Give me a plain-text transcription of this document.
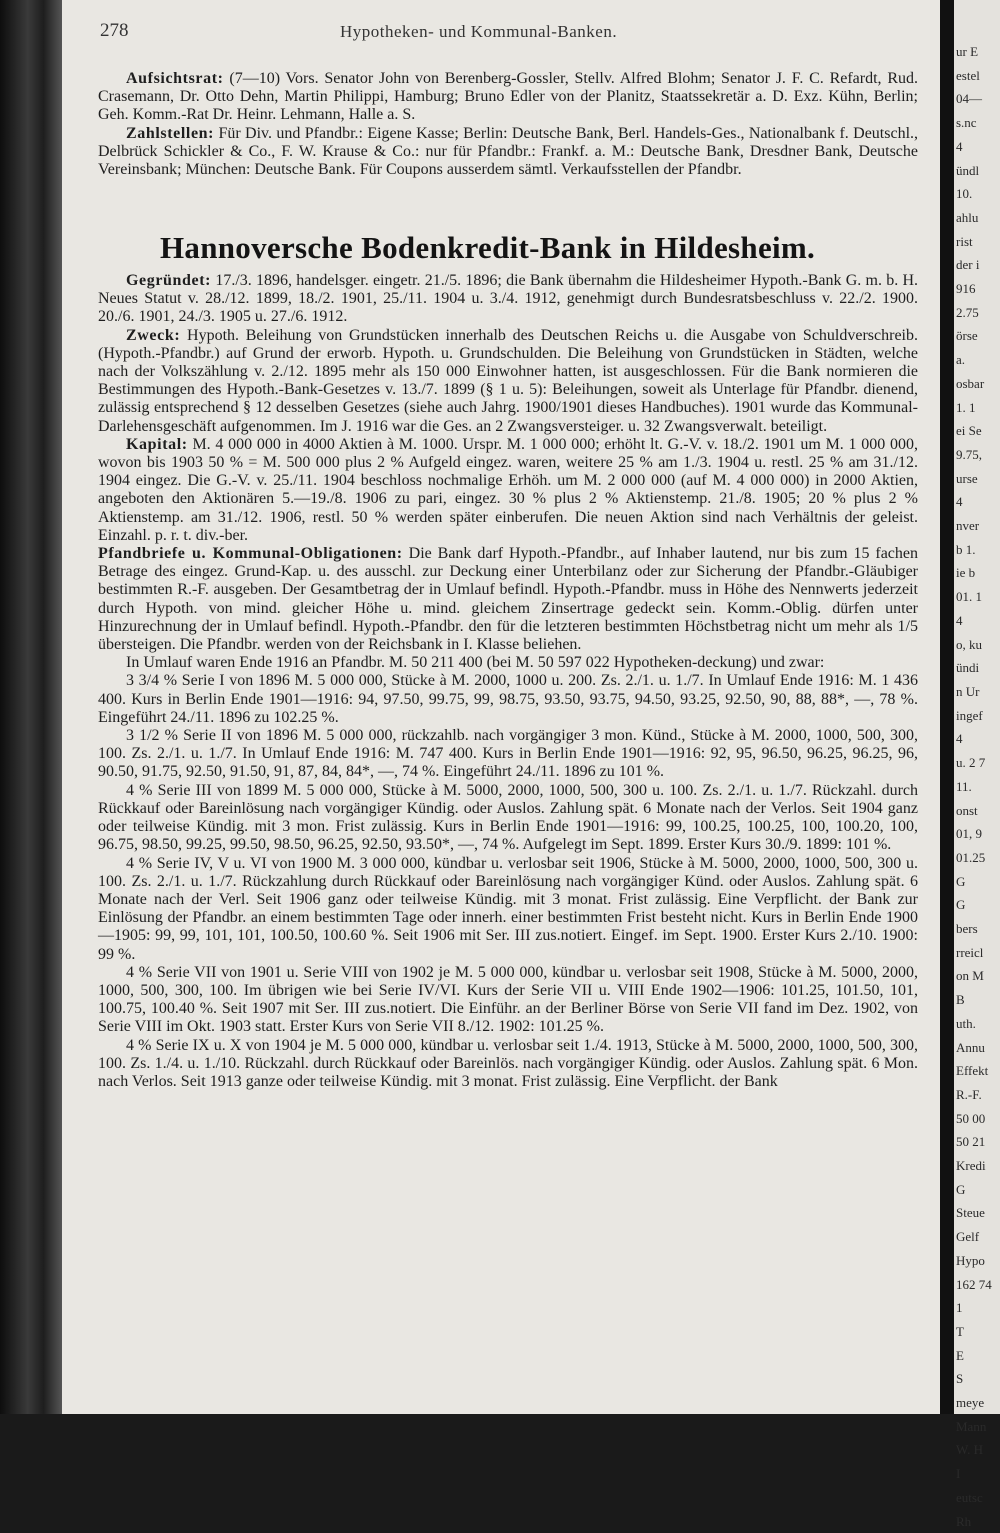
278	Hypotheken- und Kommunal-Banken.

Aufsichtsrat: (7—10) Vors. Senator John von Berenberg-Gossler, Stellv. Alfred Blohm; Senator J. F. C. Refardt, Rud. Crasemann, Dr. Otto Dehn, Martin Philippi, Hamburg; Bruno Edler von der Planitz, Staatssekretär a. D. Exz. Kühn, Berlin; Geh. Komm.-Rat Dr. Heinr. Lehmann, Halle a. S.

Zahlstellen: Für Div. und Pfandbr.: Eigene Kasse; Berlin: Deutsche Bank, Berl. Handels-Ges., Nationalbank f. Deutschl., Delbrück Schickler & Co., F. W. Krause & Co.: nur für Pfandbr.: Frankf. a. M.: Deutsche Bank, Dresdner Bank, Deutsche Vereinsbank; München: Deutsche Bank. Für Coupons ausserdem sämtl. Verkaufsstellen der Pfandbr.

Hannoversche Bodenkredit-Bank in Hildesheim.

Gegründet: 17./3. 1896, handelsger. eingetr. 21./5. 1896; die Bank übernahm die Hildesheimer Hypoth.-Bank G. m. b. H. Neues Statut v. 28./12. 1899, 18./2. 1901, 25./11. 1904 u. 3./4. 1912, genehmigt durch Bundesratsbeschluss v. 22./2. 1900. 20./6. 1901, 24./3. 1905 u. 27./6. 1912.

Zweck: Hypoth. Beleihung von Grundstücken innerhalb des Deutschen Reichs u. die Ausgabe von Schuldverschreib. (Hypoth.-Pfandbr.) auf Grund der erworb. Hypoth. u. Grundschulden. Die Beleihung von Grundstücken in Städten, welche nach der Volkszählung v. 2./12. 1895 mehr als 150 000 Einwohner hatten, ist ausgeschlossen. Für die Bank normieren die Bestimmungen des Hypoth.-Bank-Gesetzes v. 13./7. 1899 (§ 1 u. 5): Beleihungen, soweit als Unterlage für Pfandbr. dienend, zulässig entsprechend § 12 desselben Gesetzes (siehe auch Jahrg. 1900/1901 dieses Handbuches). 1901 wurde das Kommunal-Darlehensgeschäft aufgenommen. Im J. 1916 war die Ges. an 2 Zwangsversteiger. u. 32 Zwangsverwalt. beteiligt.

Kapital: M. 4 000 000 in 4000 Aktien à M. 1000. Urspr. M. 1 000 000; erhöht lt. G.-V. v. 18./2. 1901 um M. 1 000 000, wovon bis 1903 50 % = M. 500 000 plus 2 % Aufgeld eingez. waren, weitere 25 % am 1./3. 1904 u. restl. 25 % am 31./12. 1904 eingez. Die G.-V. v. 25./11. 1904 beschloss nochmalige Erhöh. um M. 2 000 000 (auf M. 4 000 000) in 2000 Aktien, angeboten den Aktionären 5.—19./8. 1906 zu pari, eingez. 30 % plus 2 % Aktienstemp. 21./8. 1905; 20 % plus 2 % Aktienstemp. am 31./12. 1906, restl. 50 % werden später einberufen. Die neuen Aktion sind nach Verhältnis der geleist. Einzahl. p. r. t. div.-ber.

Pfandbriefe u. Kommunal-Obligationen: Die Bank darf Hypoth.-Pfandbr., auf Inhaber lautend, nur bis zum 15 fachen Betrage des eingez. Grund-Kap. u. des ausschl. zur Deckung einer Unterbilanz oder zur Sicherung der Pfandbr.-Gläubiger bestimmten R.-F. ausgeben. Der Gesamtbetrag der in Umlauf befindl. Hypoth.-Pfandbr. muss in Höhe des Nennwerts jederzeit durch Hypoth. von mind. gleicher Höhe u. mind. gleichem Zinsertrage gedeckt sein. Komm.-Oblig. dürfen unter Hinzurechnung der in Umlauf befindl. Hypoth.-Pfandbr. den für die letzteren bestimmten Höchstbetrag nicht um mehr als 1/5 übersteigen. Die Pfandbr. werden von der Reichsbank in I. Klasse beliehen.

In Umlauf waren Ende 1916 an Pfandbr. M. 50 211 400 (bei M. 50 597 022 Hypotheken-deckung) und zwar:

3 3/4 % Serie I von 1896 M. 5 000 000, Stücke à M. 2000, 1000 u. 200. Zs. 2./1. u. 1./7. In Umlauf Ende 1916: M. 1 436 400. Kurs in Berlin Ende 1901—1916: 94, 97.50, 99.75, 99, 98.75, 93.50, 93.75, 94.50, 93.25, 92.50, 90, 88, 88*, —, 78 %. Eingeführt 24./11. 1896 zu 102.25 %.

3 1/2 % Serie II von 1896 M. 5 000 000, rückzahlb. nach vorgängiger 3 mon. Künd., Stücke à M. 2000, 1000, 500, 300, 100. Zs. 2./1. u. 1./7. In Umlauf Ende 1916: M. 747 400. Kurs in Berlin Ende 1901—1916: 92, 95, 96.50, 96.25, 96.25, 96, 90.50, 91.75, 92.50, 91.50, 91, 87, 84, 84*, —, 74 %. Eingeführt 24./11. 1896 zu 101 %.

4 % Serie III von 1899 M. 5 000 000, Stücke à M. 5000, 2000, 1000, 500, 300 u. 100. Zs. 2./1. u. 1./7. Rückzahl. durch Rückkauf oder Bareinlösung nach vorgängiger Kündig. oder Auslos. Zahlung spät. 6 Monate nach der Verlos. Seit 1904 ganz oder teilweise Kündig. mit 3 mon. Frist zulässig. Kurs in Berlin Ende 1901—1916: 99, 100.25, 100.25, 100, 100.20, 100, 96.75, 98.50, 99.25, 99.50, 98.50, 96.25, 92.50, 93.50*, —, 74 %. Aufgelegt im Sept. 1899. Erster Kurs 30./9. 1899: 101 %.

4 % Serie IV, V u. VI von 1900 M. 3 000 000, kündbar u. verlosbar seit 1906, Stücke à M. 5000, 2000, 1000, 500, 300 u. 100. Zs. 2./1. u. 1./7. Rückzahlung durch Rückkauf oder Bareinlösung nach vorgängiger Künd. oder Auslos. Zahlung spät. 6 Monate nach der Verl. Seit 1906 ganz oder teilweise Kündig. mit 3 monat. Frist zulässig. Eine Verpflicht. der Bank zur Einlösung der Pfandbr. an einem bestimmten Tage oder innerh. einer bestimmten Frist besteht nicht. Kurs in Berlin Ende 1900—1905: 99, 99, 101, 101, 100.50, 100.60 %. Seit 1906 mit Ser. III zus.notiert. Eingef. im Sept. 1900. Erster Kurs 2./10. 1900: 99 %.

4 % Serie VII von 1901 u. Serie VIII von 1902 je M. 5 000 000, kündbar u. verlosbar seit 1908, Stücke à M. 5000, 2000, 1000, 500, 300, 100. Im übrigen wie bei Serie IV/VI. Kurs der Serie VII u. VIII Ende 1902—1906: 101.25, 101.50, 101, 100.75, 100.40 %. Seit 1907 mit Ser. III zus.notiert. Die Einführ. an der Berliner Börse von Serie VII fand im Dez. 1902, von Serie VIII im Okt. 1903 statt. Erster Kurs von Serie VII 8./12. 1902: 101.25 %.

4 % Serie IX u. X von 1904 je M. 5 000 000, kündbar u. verlosbar seit 1./4. 1913, Stücke à M. 5000, 2000, 1000, 500, 300, 100. Zs. 1./4. u. 1./10. Rückzahl. durch Rückkauf oder Bareinlös. nach vorgängiger Kündig. oder Auslos. Zahlung spät. 6 Mon. nach Verlos. Seit 1913 ganze oder teilweise Kündig. mit 3 monat. Frist zulässig. Eine Verpflicht. der Bank

ur E
estel
04—
s.nc
4
ündl
10.
ahlu
rist
der i
916
2.75
örse
a.
osbar
1. 1
ei Se
9.75,
urse
4
nver
b 1.
ie b
01. 1
4
o, ku
ündi
n Ur
ingef
4
u. 2 7
11.
onst
01, 9
01.25
G
G
bers
rreicl
on M
B
uth.
Annu
Effekt
R.-F.
50 00
50 21
Kredi
G
Steue
Gelf
Hypo
162 74
1
T
E
S
meye
Mann
W. H
I
eutsc
Rh
